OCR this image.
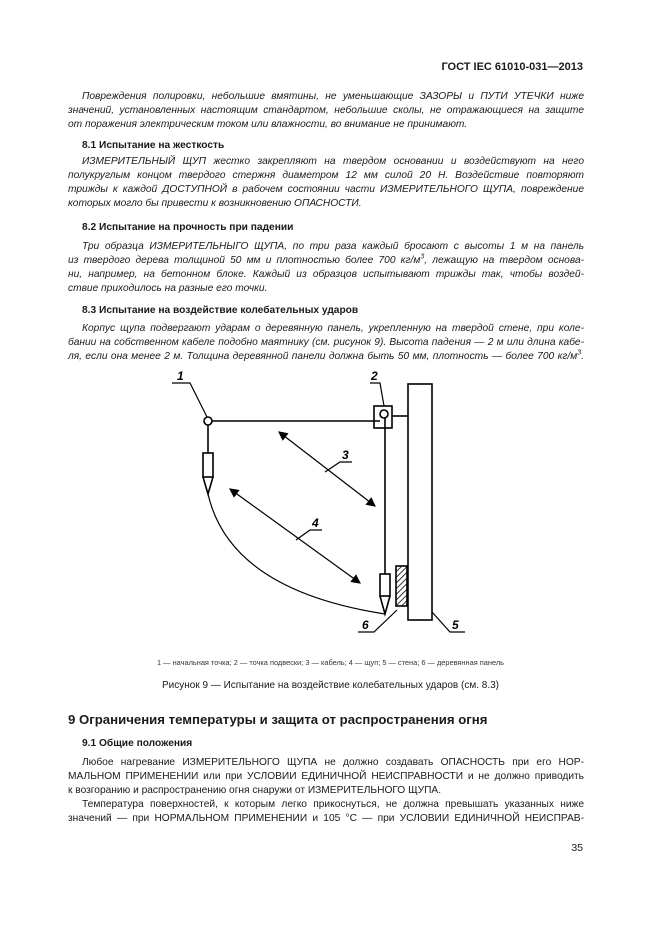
ГОСТ IEC 61010-031—2013
Повреждения полировки, небольшие вмятины, не уменьшающие ЗАЗОРЫ и ПУТИ УТЕЧКИ ниже
значений, установленных настоящим стандартом, небольшие сколы, не отражающиеся на защите
от поражения электрическим током или влажности, во внимание не принимают.
8.1 Испытание на жесткость
ИЗМЕРИТЕЛЬНЫЙ ЩУП жестко закрепляют на твердом основании и воздействуют на него
полукруглым концом твердого стержня диаметром 12 мм силой 20 Н. Воздействие повторяют
трижды к каждой ДОСТУПНОЙ в рабочем состоянии части ИЗМЕРИТЕЛЬНОГО ЩУПА, повреждение
которых могло бы привести к возникновению ОПАСНОСТИ.
8.2 Испытание на прочность при падении
Три образца ИЗМЕРИТЕЛЬНЫГО ЩУПА, по три раза каждый бросают с высоты 1 м на панель
из твердого дерева толщиной 50 мм и плотностью более 700 $кг/м^3$, лежащую на твердом основа-
ни, например, на бетонном блоке. Каждый из образцов испытывают трижды так, чтобы воздей-
ствие приходилось на разные его точки.
8.3 Испытание на воздействие колебательных ударов
Корпус щупа подвергают ударам о деревянную панель, укрепленную на твердой стене, при коле-
бании на собственном кабеле подобно маятнику (см. рисунок 9). Высота падения — 2 м или длина кабе-
ля, если она менее 2 м. Толщина деревянной панели должна быть 50 мм, плотность — более 700 $кг/м^3$.
1	2
3
4
5
6
1 — начальная точка; 2 — точка подвески; 3 — кабель; 4 — щуп; 5 — стена; 6 — деревянная панель
Рисунок 9 — Испытание на воздействие колебательных ударов (см. 8.3)
9 Ограничения температуры и защита от распространения огня
9.1 Общие положения
Любое нагревание ИЗМЕРИТЕЛЬНОГО ЩУПА не должно создавать ОПАСНОСТЬ при его НОР-
МАЛЬНОМ ПРИМЕНЕНИИ или при УСЛОВИИ ЕДИНИЧНОЙ НЕИСПРАВНОСТИ и не должно приводить
к возгоранию и распространению огня снаружи от ИЗМЕРИТЕЛЬНОГО ЩУПА.
Температура поверхностей, к которым легко прикоснуться, не должна превышать указанных ниже
значений — при НОРМАЛЬНОМ ПРИМЕНЕНИИ и 105 °С — при УСЛОВИИ ЕДИНИЧНОЙ НЕИСПРАВ-
35
